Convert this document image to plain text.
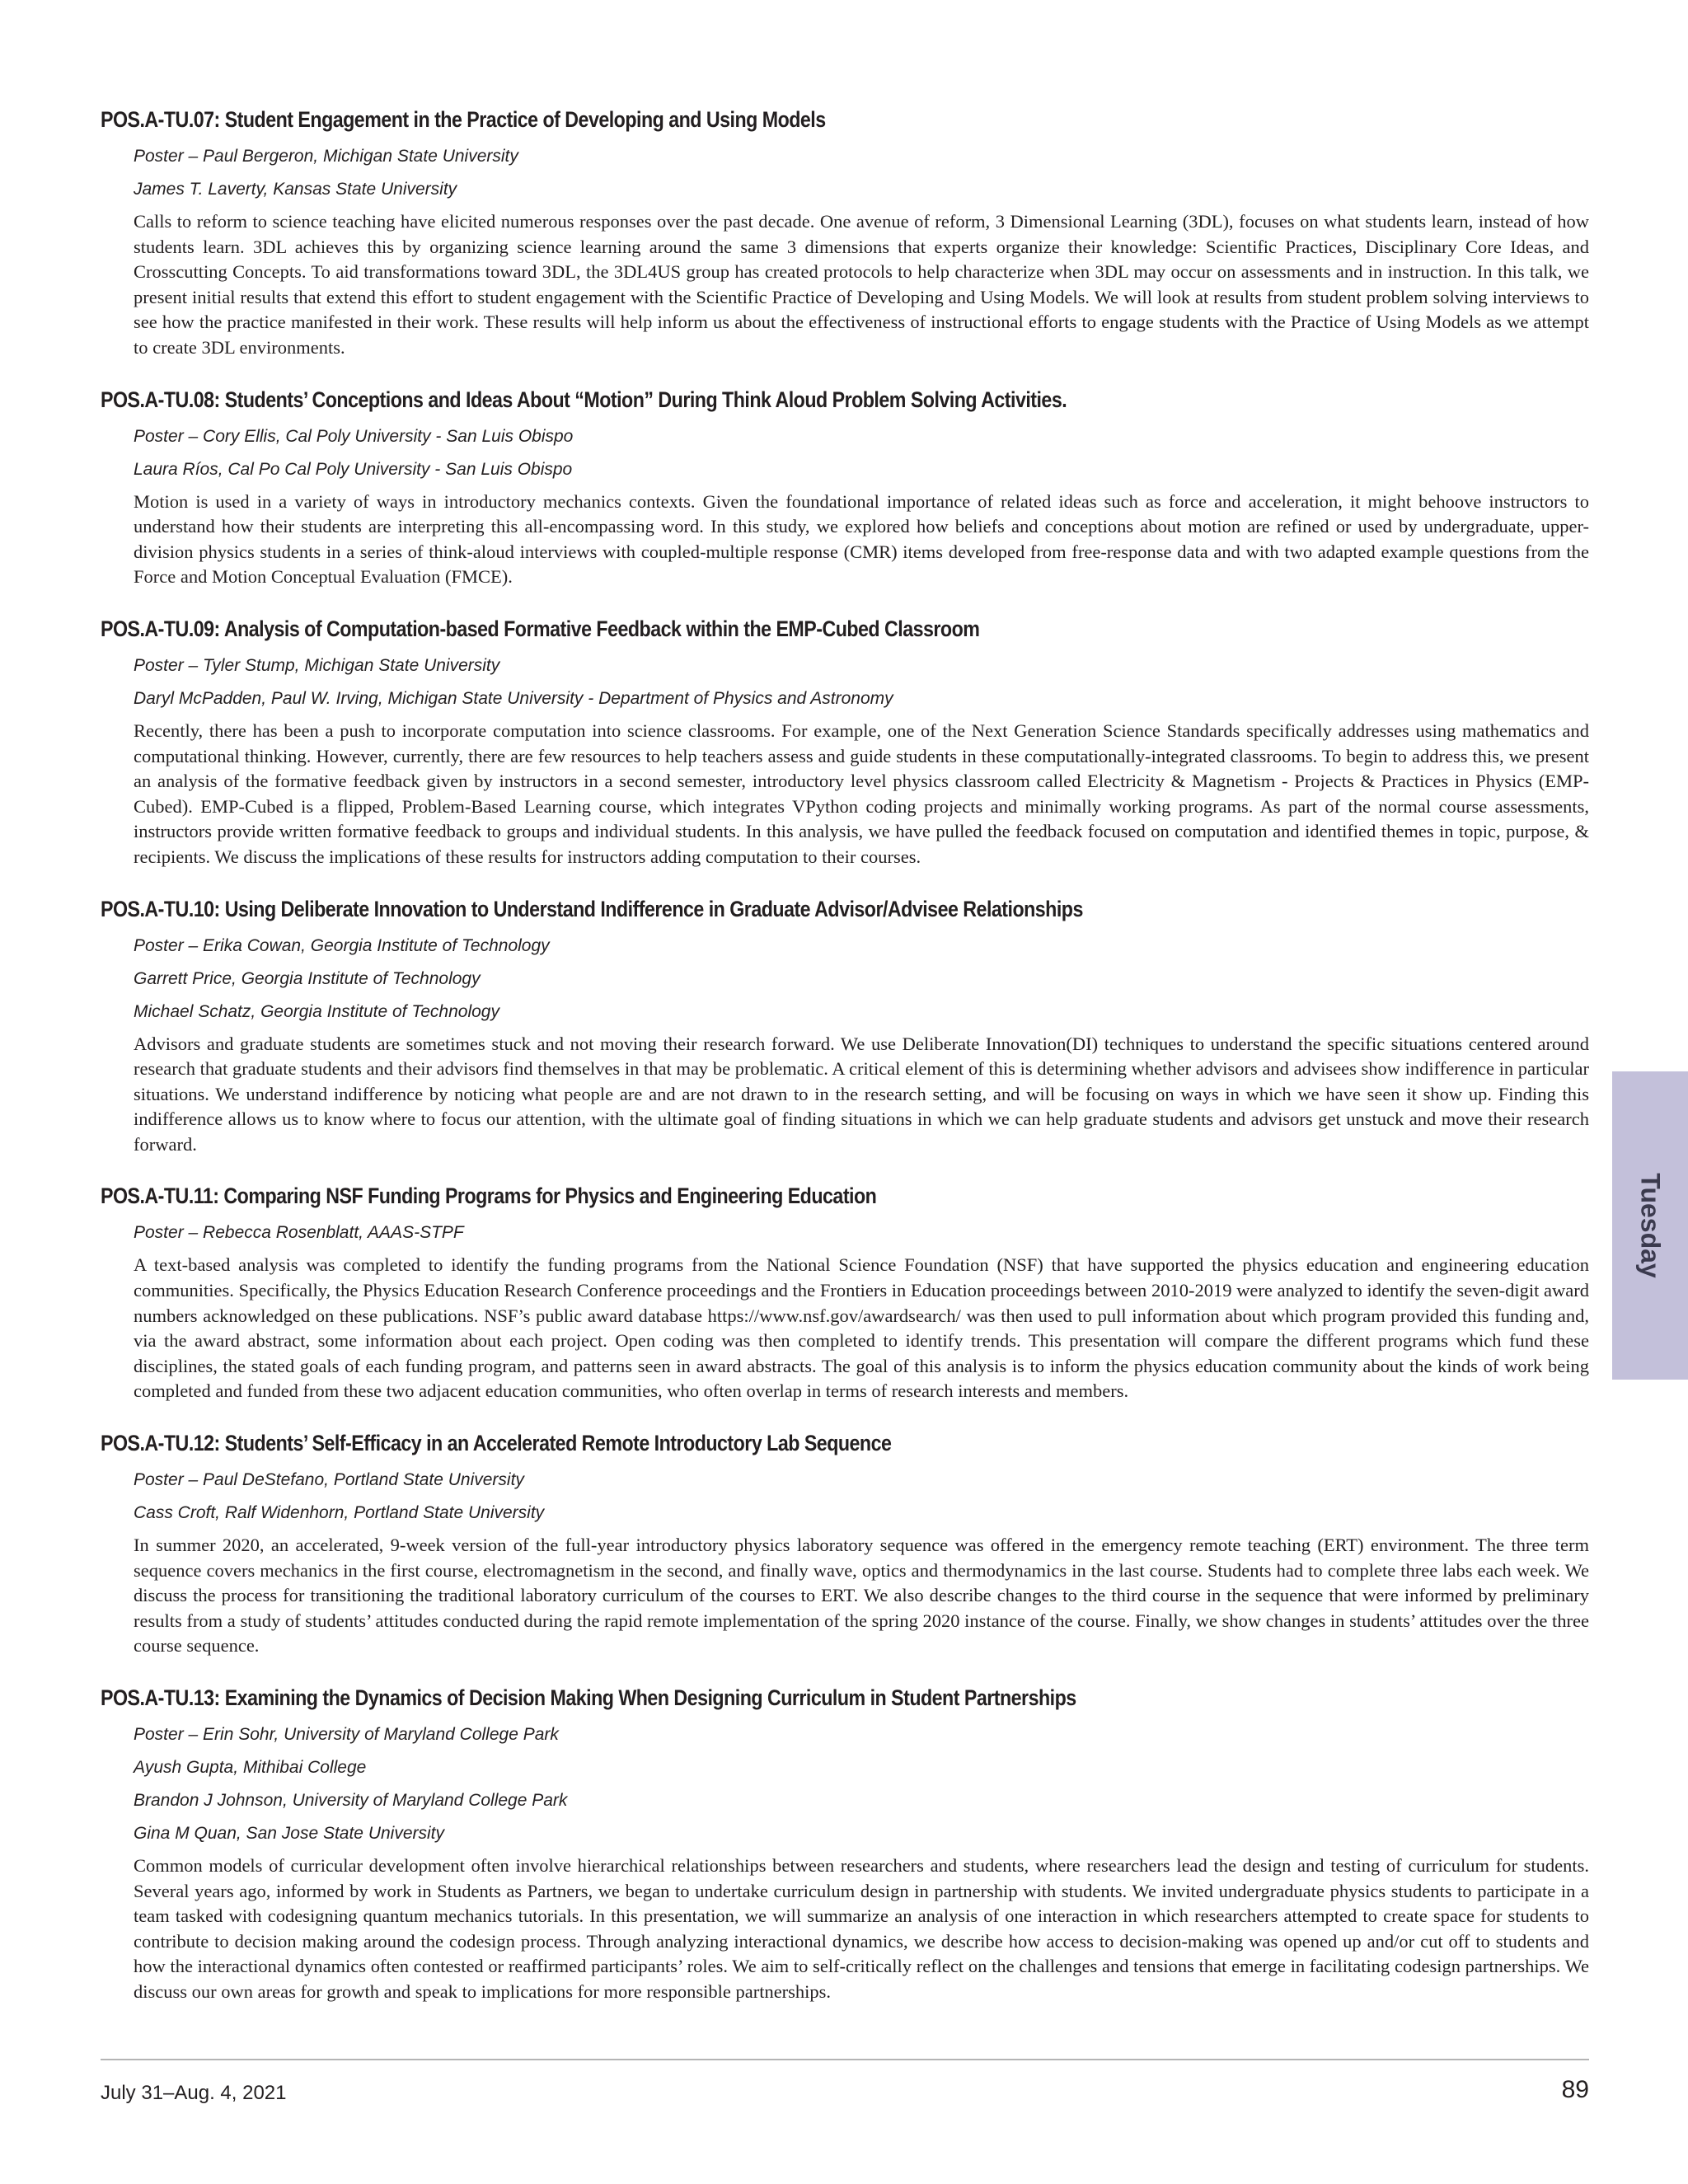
POS.A-TU.07: Student Engagement in the Practice of Developing and Using Models
Poster – Paul Bergeron, Michigan State University
James T. Laverty, Kansas State University
Calls to reform to science teaching have elicited numerous responses over the past decade. One avenue of reform, 3 Dimensional Learning (3DL), focuses on what students learn, instead of how students learn. 3DL achieves this by organizing science learning around the same 3 dimensions that experts organize their knowledge: Scientific Practices, Disciplinary Core Ideas, and Crosscutting Concepts. To aid transformations toward 3DL, the 3DL4US group has created protocols to help characterize when 3DL may occur on assessments and in instruction. In this talk, we present initial results that extend this effort to student engagement with the Scientific Practice of Developing and Using Models. We will look at results from student problem solving interviews to see how the practice manifested in their work. These results will help inform us about the effectiveness of instructional efforts to engage students with the Practice of Using Models as we attempt to create 3DL environments.
POS.A-TU.08: Students’ Conceptions and Ideas About “Motion” During Think Aloud Problem Solving Activities.
Poster – Cory Ellis, Cal Poly University - San Luis Obispo
Laura Ríos, Cal Po Cal Poly University - San Luis Obispo
Motion is used in a variety of ways in introductory mechanics contexts. Given the foundational importance of related ideas such as force and acceleration, it might behoove instructors to understand how their students are interpreting this all-encompassing word. In this study, we explored how beliefs and conceptions about motion are refined or used by undergraduate, upper-division physics students in a series of think-aloud interviews with coupled-multiple response (CMR) items developed from free-response data and with two adapted example questions from the Force and Motion Conceptual Evaluation (FMCE).
POS.A-TU.09: Analysis of Computation-based Formative Feedback within the EMP-Cubed Classroom
Poster – Tyler Stump, Michigan State University
Daryl McPadden, Paul W. Irving, Michigan State University - Department of Physics and Astronomy
Recently, there has been a push to incorporate computation into science classrooms. For example, one of the Next Generation Science Standards specifically addresses using mathematics and computational thinking. However, currently, there are few resources to help teachers assess and guide students in these computationally-integrated classrooms. To begin to address this, we present an analysis of the formative feedback given by instructors in a second semester, introductory level physics classroom called Electricity & Magnetism - Projects & Practices in Physics (EMP-Cubed). EMP-Cubed is a flipped, Problem-Based Learning course, which integrates VPython coding projects and minimally working programs. As part of the normal course assessments, instructors provide written formative feedback to groups and individual students. In this analysis, we have pulled the feedback focused on computation and identified themes in topic, purpose, & recipients. We discuss the implications of these results for instructors adding computation to their courses.
POS.A-TU.10: Using Deliberate Innovation to Understand Indifference in Graduate Advisor/Advisee Relationships
Poster – Erika Cowan, Georgia Institute of Technology
Garrett Price, Georgia Institute of Technology
Michael Schatz, Georgia Institute of Technology
Advisors and graduate students are sometimes stuck and not moving their research forward. We use Deliberate Innovation(DI) techniques to understand the specific situations centered around research that graduate students and their advisors find themselves in that may be problematic. A critical element of this is determining whether advisors and advisees show indifference in particular situations. We understand indifference by noticing what people are and are not drawn to in the research setting, and will be focusing on ways in which we have seen it show up. Finding this indifference allows us to know where to focus our attention, with the ultimate goal of finding situations in which we can help graduate students and advisors get unstuck and move their research forward.
POS.A-TU.11: Comparing NSF Funding Programs for Physics and Engineering Education
Poster – Rebecca Rosenblatt, AAAS-STPF
A text-based analysis was completed to identify the funding programs from the National Science Foundation (NSF) that have supported the physics education and engineering education communities. Specifically, the Physics Education Research Conference proceedings and the Frontiers in Education proceedings between 2010-2019 were analyzed to identify the seven-digit award numbers acknowledged on these publications. NSF’s public award database https://www.nsf.gov/awardsearch/ was then used to pull information about which program provided this funding and, via the award abstract, some information about each project. Open coding was then completed to identify trends. This presentation will compare the different programs which fund these disciplines, the stated goals of each funding program, and patterns seen in award abstracts. The goal of this analysis is to inform the physics education community about the kinds of work being completed and funded from these two adjacent education communities, who often overlap in terms of research interests and members.
POS.A-TU.12: Students’ Self-Efficacy in an Accelerated Remote Introductory Lab Sequence
Poster – Paul DeStefano, Portland State University
Cass Croft, Ralf Widenhorn, Portland State University
In summer 2020, an accelerated, 9-week version of the full-year introductory physics laboratory sequence was offered in the emergency remote teaching (ERT) environment. The three term sequence covers mechanics in the first course, electromagnetism in the second, and finally wave, optics and thermodynamics in the last course. Students had to complete three labs each week. We discuss the process for transitioning the traditional laboratory curriculum of the courses to ERT. We also describe changes to the third course in the sequence that were informed by preliminary results from a study of students’ attitudes conducted during the rapid remote implementation of the spring 2020 instance of the course. Finally, we show changes in students’ attitudes over the three course sequence.
POS.A-TU.13: Examining the Dynamics of Decision Making When Designing Curriculum in Student Partnerships
Poster – Erin Sohr, University of Maryland College Park
Ayush Gupta, Mithibai College
Brandon J Johnson, University of Maryland College Park
Gina M Quan, San Jose State University
Common models of curricular development often involve hierarchical relationships between researchers and students, where researchers lead the design and testing of curriculum for students. Several years ago, informed by work in Students as Partners, we began to undertake curriculum design in partnership with students. We invited undergraduate physics students to participate in a team tasked with codesigning quantum mechanics tutorials. In this presentation, we will summarize an analysis of one interaction in which researchers attempted to create space for students to contribute to decision making around the codesign process. Through analyzing interactional dynamics, we describe how access to decision-making was opened up and/or cut off to students and how the interactional dynamics often contested or reaffirmed participants’ roles. We aim to self-critically reflect on the challenges and tensions that emerge in facilitating codesign partnerships. We discuss our own areas for growth and speak to implications for more responsible partnerships.
Tuesday
July 31–Aug. 4, 2021	89
